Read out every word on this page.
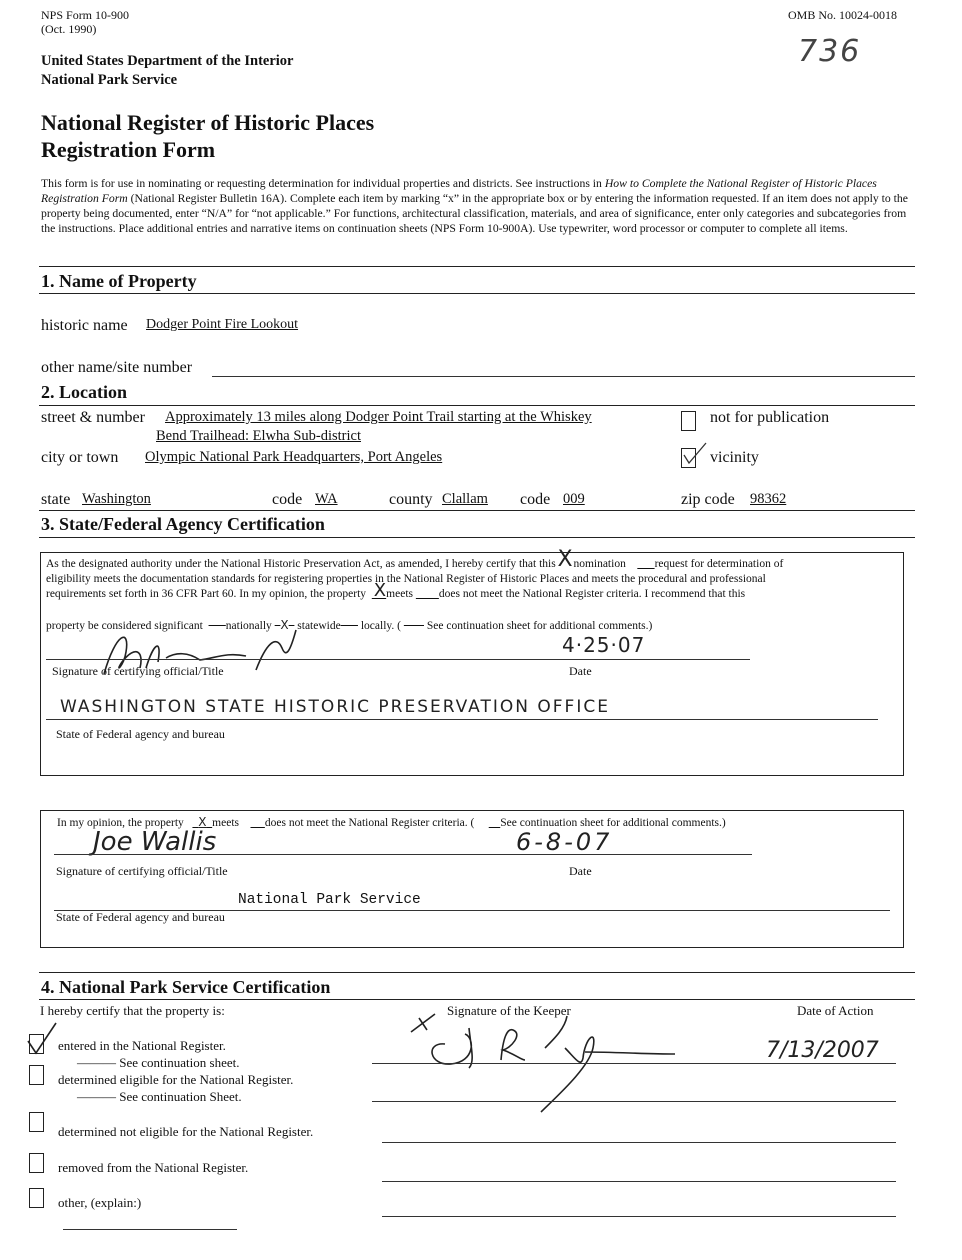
NPS Form 10-900
(Oct. 1990)
OMB No. 10024-0018
736
United States Department of the Interior
National Park Service
National Register of Historic Places
Registration Form
This form is for use in nominating or requesting determination for individual properties and districts. See instructions in How to Complete the National Register of Historic Places Registration Form (National Register Bulletin 16A). Complete each item by marking “x” in the appropriate box or by entering the information requested. If an item does not apply to the property being documented, enter “N/A” for “not applicable.” For functions, architectural classification, materials, and area of significance, enter only categories and subcategories from the instructions. Place additional entries and narrative items on continuation sheets (NPS Form 10-900A). Use typewriter, word processor or computer to complete all items.
1. Name of Property
historic name Dodger Point Fire Lookout
other name/site number
2. Location
street & number Approximately 13 miles along Dodger Point Trail starting at the Whiskey
Bend Trailhead: Elwha Sub-district
not for publication
city or town Olympic National Park Headquarters, Port Angeles	vicinity
state Washington	code WA	county Clallam code 009	zip code 98362
3. State/Federal Agency Certification
As the designated authority under the National Historic Preservation Act, as amended, I hereby certify that this X nomination	request for determination of
eligibility meets the documentation standards for registering properties in the National Register of Historic Places and meets the procedural and professional
requirements set forth in 36 CFR Part 60. In my opinion, the property X meets does not meet the National Register criteria. I recommend that this
property be considered significant nationally X statewide locally. ( See continuation sheet for additional comments.)
4·25·07
Signature of certifying official/Title	Date
WASHINGTON STATE HISTORIC PRESERVATION OFFICE
State of Federal agency and bureau
In my opinion, the property X meets does not meet the National Register criteria. ( See continuation sheet for additional comments.)
Joe Wallis	6-8-07
Signature of certifying official/Title	Date
National Park Service
State of Federal agency and bureau
4. National Park Service Certification
I hereby certify that the property is:	Signature of the Keeper	Date of Action
entered in the National Register.
——— See continuation sheet.
determined eligible for the National Register.
——— See continuation Sheet.
determined not eligible for the National Register.
removed from the National Register.
other, (explain:)
7/13/2007
